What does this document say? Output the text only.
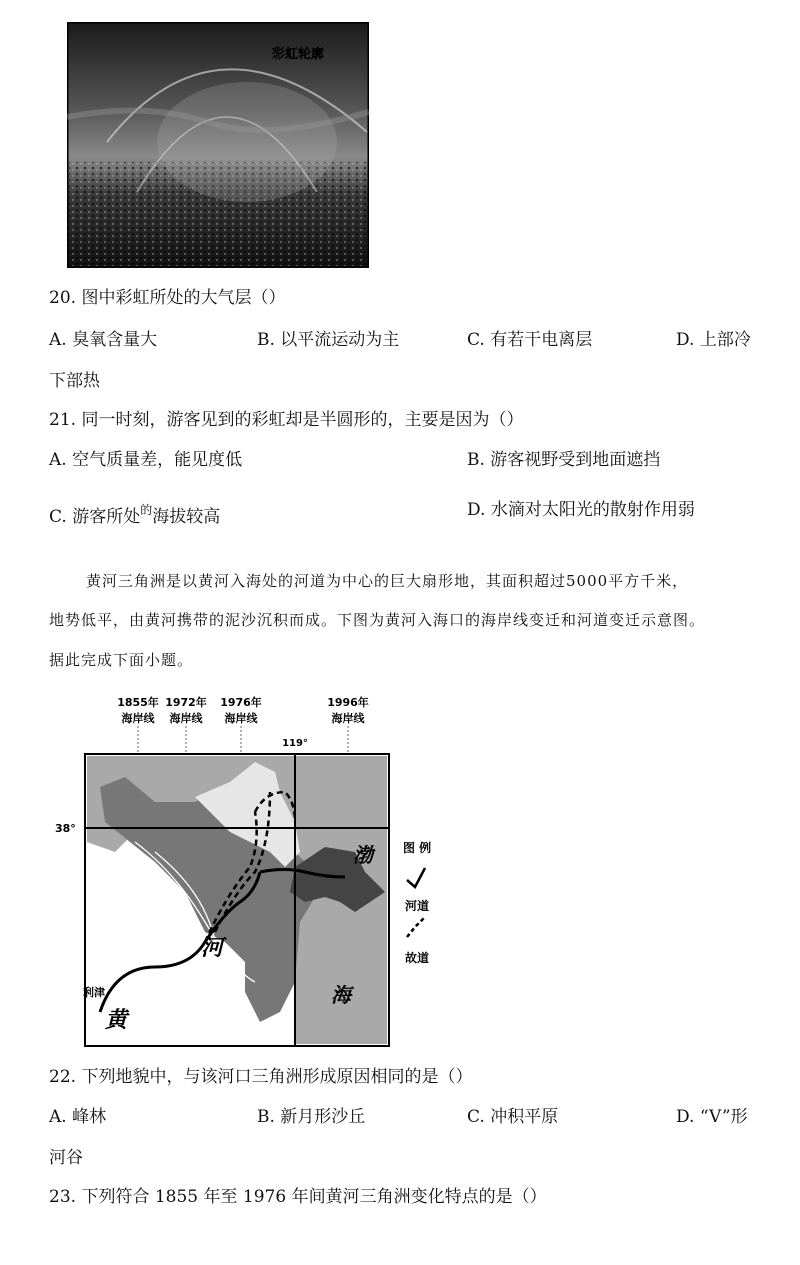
彩虹轮廓
20. 图中彩虹所处的大气层（）
A. 臭氧含量大	B. 以平流运动为主	C. 有若干电离层	D. 上部冷
下部热
21. 同一时刻，游客见到的彩虹却是半圆形的，主要是因为（）
A. 空气质量差，能见度低	B. 游客视野受到地面遮挡
C. 游客所处$^的$海拔较高	D. 水滴对太阳光的散射作用弱
黄河三角洲是以黄河入海处的河道为中心的巨大扇形地，其面积超过5000平方千米，
地势低平，由黄河携带的泥沙沉积而成。下图为黄河入海口的海岸线变迁和河道变迁示意图。
据此完成下面小题。
1855年
海岸线
1972年
海岸线
1976年
海岸线
1996年
海岸线
119°
38°
渤
海
河
黄
利津
图 例
河道
故道
22. 下列地貌中，与该河口三角洲形成原因相同的是（）
A. 峰林	B. 新月形沙丘	C. 冲积平原	D. “V”形
河谷
23. 下列符合 1855 年至 1976 年间黄河三角洲变化特点的是（）
